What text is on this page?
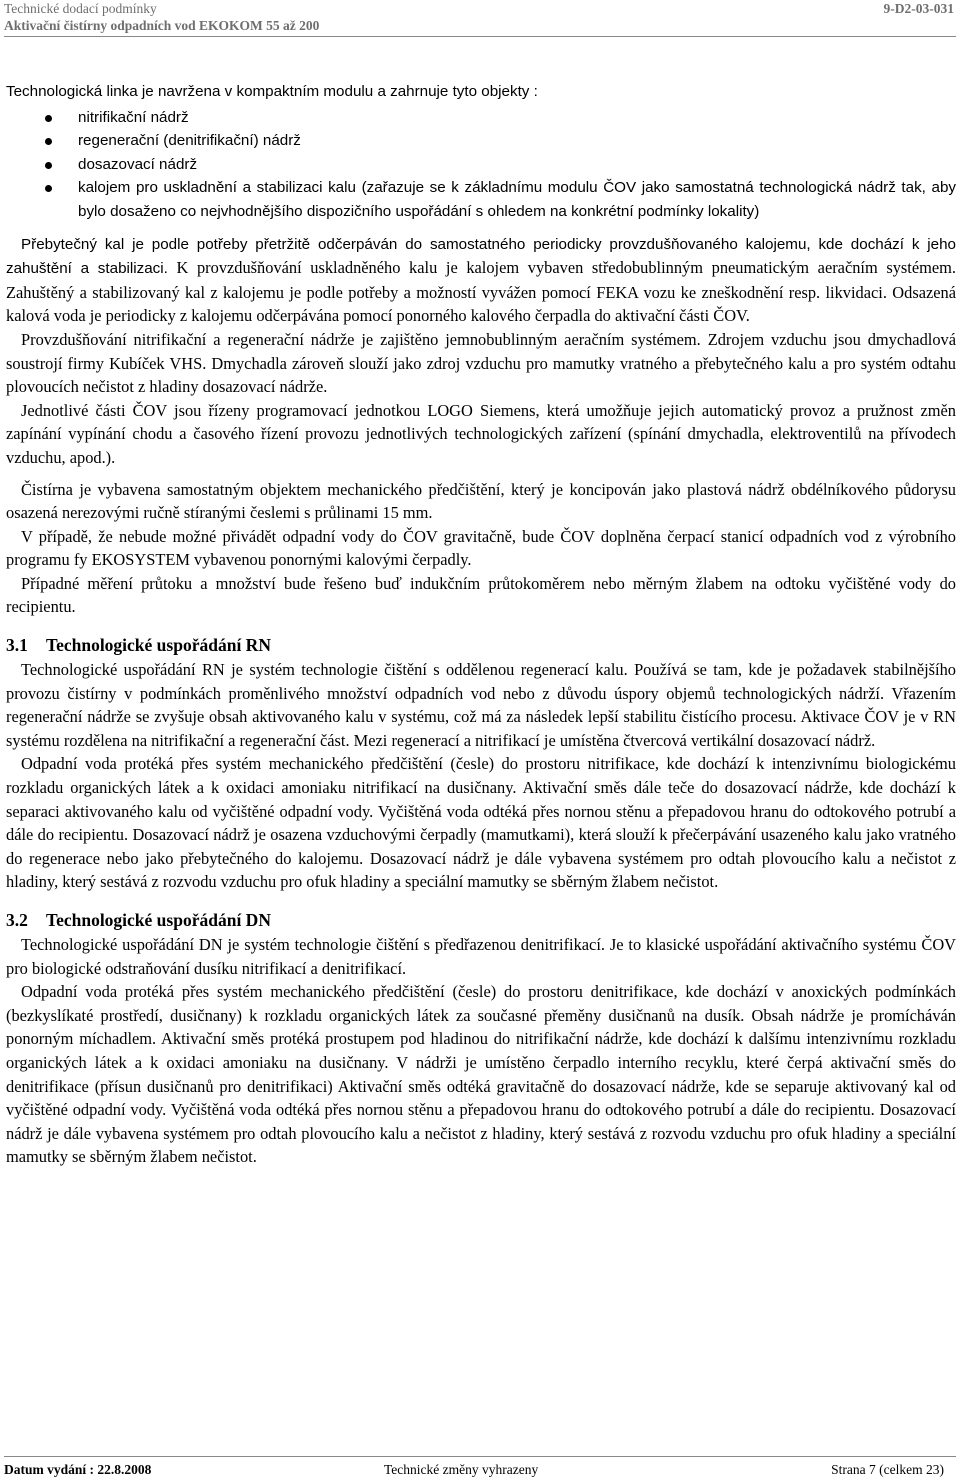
Technické dodací podmínky
Aktivační čistírny odpadních vod EKOKOM 55 až 200
9-D2-03-031

Technologická linka je navržena v kompaktním modulu a zahrnuje tyto objekty :

nitrifikační nádrž
regenerační (denitrifikační) nádrž
dosazovací nádrž
kalojem pro uskladnění a stabilizaci kalu (zařazuje se k základnímu modulu ČOV jako samostatná technologická nádrž tak, aby bylo dosaženo co nejvhodnějšího dispozičního uspořádání s ohledem na konkrétní podmínky lokality)

Přebytečný kal je podle potřeby přetržitě odčerpáván do samostatného periodicky provzdušňovaného kalojemu, kde dochází k jeho zahuštění a stabilizaci. K provzdušňování uskladněného kalu je kalojem vybaven středobublinným pneumatickým aeračním systémem. Zahuštěný a stabilizovaný kal z kalojemu je podle potřeby a možností vyvážen pomocí FEKA vozu ke zneškodnění resp. likvidaci. Odsazená kalová voda je periodicky z kalojemu odčerpávána pomocí ponorného kalového čerpadla do aktivační části ČOV.

Provzdušňování nitrifikační a regenerační nádrže je zajištěno jemnobublinným aeračním systémem. Zdrojem vzduchu jsou dmychadlová soustrojí firmy Kubíček VHS. Dmychadla zároveň slouží jako zdroj vzduchu pro mamutky vratného a přebytečného kalu a pro systém odtahu plovoucích nečistot z hladiny dosazovací nádrže.

Jednotlivé části ČOV jsou řízeny programovací jednotkou LOGO Siemens, která umožňuje jejich automatický provoz a pružnost změn zapínání vypínání chodu a časového řízení provozu jednotlivých technologických zařízení (spínání dmychadla, elektroventilů na přívodech vzduchu, apod.).

Čistírna je vybavena samostatným objektem mechanického předčištění, který je koncipován jako plastová nádrž obdélníkového půdorysu osazená nerezovými ručně stíranými česlemi s průlinami 15 mm.

V případě, že nebude možné přivádět odpadní vody do ČOV gravitačně, bude ČOV doplněna čerpací stanicí odpadních vod z výrobního programu fy EKOSYSTEM vybavenou ponornými kalovými čerpadly.

Případné měření průtoku a množství bude řešeno buď indukčním průtokoměrem nebo měrným žlabem na odtoku vyčištěné vody do recipientu.

3.1 Technologické uspořádání RN

Technologické uspořádání RN je systém technologie čištění s oddělenou regenerací kalu. Používá se tam, kde je požadavek stabilnějšího provozu čistírny v podmínkách proměnlivého množství odpadních vod nebo z důvodu úspory objemů technologických nádrží. Vřazením regenerační nádrže se zvyšuje obsah aktivovaného kalu v systému, což má za následek lepší stabilitu čistícího procesu. Aktivace ČOV je v RN systému rozdělena na nitrifikační a regenerační část. Mezi regenerací a nitrifikací je umístěna čtvercová vertikální dosazovací nádrž.

Odpadní voda protéká přes systém mechanického předčištění (česle) do prostoru nitrifikace, kde dochází k intenzivnímu biologickému rozkladu organických látek a k oxidaci amoniaku nitrifikací na dusičnany. Aktivační směs dále teče do dosazovací nádrže, kde dochází k separaci aktivovaného kalu od vyčištěné odpadní vody. Vyčištěná voda odtéká přes nornou stěnu a přepadovou hranu do odtokového potrubí a dále do recipientu. Dosazovací nádrž je osazena vzduchovými čerpadly (mamutkami), která slouží k přečerpávání usazeného kalu jako vratného do regenerace nebo jako přebytečného do kalojemu. Dosazovací nádrž je dále vybavena systémem pro odtah plovoucího kalu a nečistot z hladiny, který sestává z rozvodu vzduchu pro ofuk hladiny a speciální mamutky se sběrným žlabem nečistot.

3.2 Technologické uspořádání DN

Technologické uspořádání DN je systém technologie čištění s předřazenou denitrifikací. Je to klasické uspořádání aktivačního systému ČOV pro biologické odstraňování dusíku nitrifikací a denitrifikací.

Odpadní voda protéká přes systém mechanického předčištění (česle) do prostoru denitrifikace, kde dochází v anoxických podmínkách (bezkyslíkaté prostředí, dusičnany) k rozkladu organických látek za současné přeměny dusičnanů na dusík. Obsah nádrže je promícháván ponorným míchadlem. Aktivační směs protéká prostupem pod hladinou do nitrifikační nádrže, kde dochází k dalšímu intenzivnímu rozkladu organických látek a k oxidaci amoniaku na dusičnany. V nádrži je umístěno čerpadlo interního recyklu, které čerpá aktivační směs do denitrifikace (přísun dusičnanů pro denitrifikaci) Aktivační směs odtéká gravitačně do dosazovací nádrže, kde se separuje aktivovaný kal od vyčištěné odpadní vody. Vyčištěná voda odtéká přes nornou stěnu a přepadovou hranu do odtokového potrubí a dále do recipientu. Dosazovací nádrž je dále vybavena systémem pro odtah plovoucího kalu a nečistot z hladiny, který sestává z rozvodu vzduchu pro ofuk hladiny a speciální mamutky se sběrným žlabem nečistot.

Datum vydání : 22.8.2008	Technické změny vyhrazeny	Strana 7 (celkem 23)
